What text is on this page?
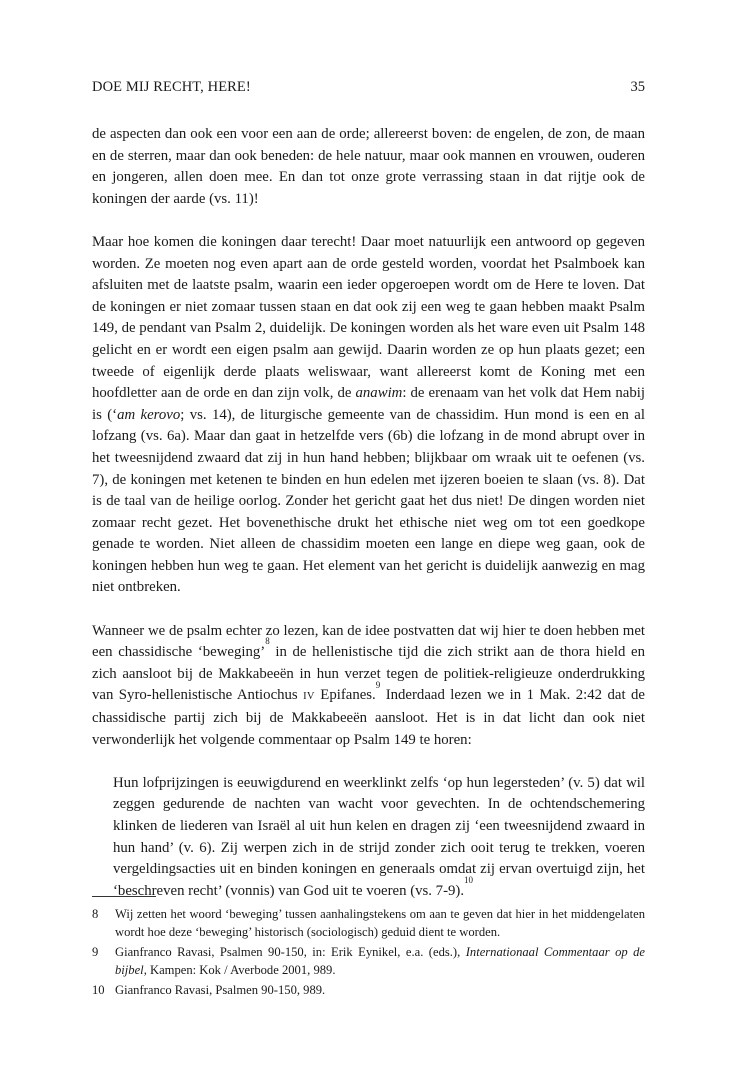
DOE MIJ RECHT, HERE!	35

de aspecten dan ook een voor een aan de orde; allereerst boven: de engelen, de zon, de maan en de sterren, maar dan ook beneden: de hele natuur, maar ook mannen en vrouwen, ouderen en jongeren, allen doen mee. En dan tot onze grote verrassing staan in dat rijtje ook de koningen der aarde (vs. 11)!

Maar hoe komen die koningen daar terecht! Daar moet natuurlijk een antwoord op gegeven worden. Ze moeten nog even apart aan de orde gesteld worden, voordat het Psalmboek kan afsluiten met de laatste psalm, waarin een ieder opgeroepen wordt om de Here te loven. Dat de koningen er niet zomaar tussen staan en dat ook zij een weg te gaan hebben maakt Psalm 149, de pendant van Psalm 2, duidelijk. De koningen worden als het ware even uit Psalm 148 gelicht en er wordt een eigen psalm aan gewijd. Daarin worden ze op hun plaats gezet; een tweede of eigenlijk derde plaats weliswaar, want allereerst komt de Koning met een hoofdletter aan de orde en dan zijn volk, de anawim: de erenaam van het volk dat Hem nabij is (‘am kerovo; vs. 14), de liturgische gemeente van de chassidim. Hun mond is een en al lofzang (vs. 6a). Maar dan gaat in hetzelfde vers (6b) die lofzang in de mond abrupt over in het tweesnijdend zwaard dat zij in hun hand hebben; blijkbaar om wraak uit te oefenen (vs. 7), de koningen met ketenen te binden en hun edelen met ijzeren boeien te slaan (vs. 8). Dat is de taal van de heilige oorlog. Zonder het gericht gaat het dus niet! De dingen worden niet zomaar recht gezet. Het bovenethische drukt het ethische niet weg om tot een goedkope genade te worden. Niet alleen de chassidim moeten een lange en diepe weg gaan, ook de koningen hebben hun weg te gaan. Het element van het gericht is duidelijk aanwezig en mag niet ontbreken.

Wanneer we de psalm echter zo lezen, kan de idee postvatten dat wij hier te doen hebben met een chassidische ‘beweging’$^8$ in de hellenistische tijd die zich strikt aan de thora hield en zich aansloot bij de Makkabeeën in hun verzet tegen de politiek-religieuze onderdrukking van Syro-hellenistische Antiochus IV Epifanes.$^9$ Inderdaad lezen we in 1 Mak. 2:42 dat de chassidische partij zich bij de Makkabeeën aansloot. Het is in dat licht dan ook niet verwonderlijk het volgende commentaar op Psalm 149 te horen:

Hun lofprijzingen is eeuwigdurend en weerklinkt zelfs ‘op hun legersteden’ (v. 5) dat wil zeggen gedurende de nachten van wacht voor gevechten. In de ochtendschemering klinken de liederen van Israël al uit hun kelen en dragen zij ‘een tweesnijdend zwaard in hun hand’ (v. 6). Zij werpen zich in de strijd zonder zich ooit terug te trekken, voeren vergeldingsacties uit en binden koningen en generaals omdat zij ervan overtuigd zijn, het ‘beschreven recht’ (vonnis) van God uit te voeren (vs. 7-9).$^{10}$

8 Wij zetten het woord ‘beweging’ tussen aanhalingstekens om aan te geven dat hier in het middengelaten wordt hoe deze ‘beweging’ historisch (sociologisch) geduid dient te worden.

9 Gianfranco Ravasi, Psalmen 90-150, in: Erik Eynikel, e.a. (eds.), Internationaal Commentaar op de bijbel, Kampen: Kok / Averbode 2001, 989.

10 Gianfranco Ravasi, Psalmen 90-150, 989.
